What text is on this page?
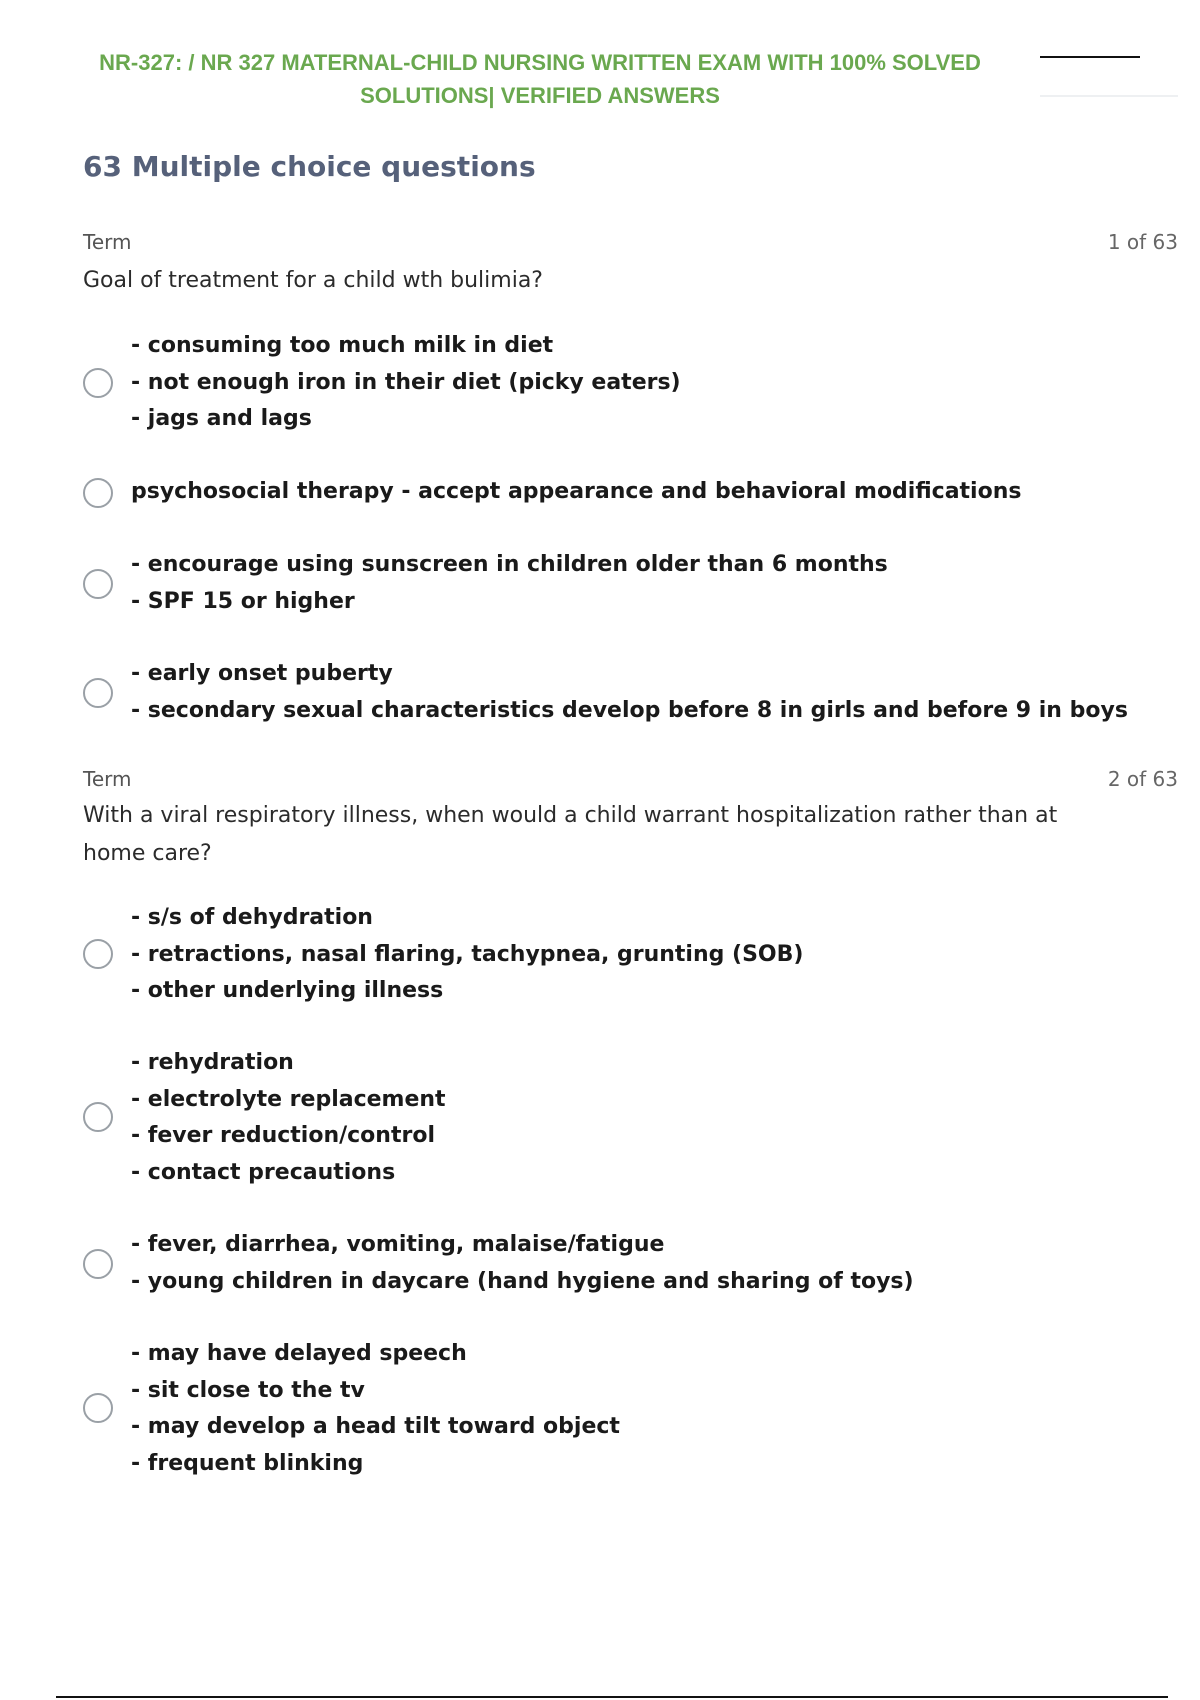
NR-327: / NR 327 MATERNAL-CHILD NURSING WRITTEN EXAM WITH 100% SOLVED
SOLUTIONS| VERIFIED ANSWERS
63 Multiple choice questions
Term	1 of 63
Goal of treatment for a child wth bulimia?
- consuming too much milk in diet
- not enough iron in their diet (picky eaters)
- jags and lags
psychosocial therapy - accept appearance and behavioral modifications
- encourage using sunscreen in children older than 6 months
- SPF 15 or higher
- early onset puberty
- secondary sexual characteristics develop before 8 in girls and before 9 in boys
Term	2 of 63
With a viral respiratory illness, when would a child warrant hospitalization rather than at home care?
- s/s of dehydration
- retractions, nasal flaring, tachypnea, grunting (SOB)
- other underlying illness
- rehydration
- electrolyte replacement
- fever reduction/control
- contact precautions
- fever, diarrhea, vomiting, malaise/fatigue
- young children in daycare (hand hygiene and sharing of toys)
- may have delayed speech
- sit close to the tv
- may develop a head tilt toward object
- frequent blinking
